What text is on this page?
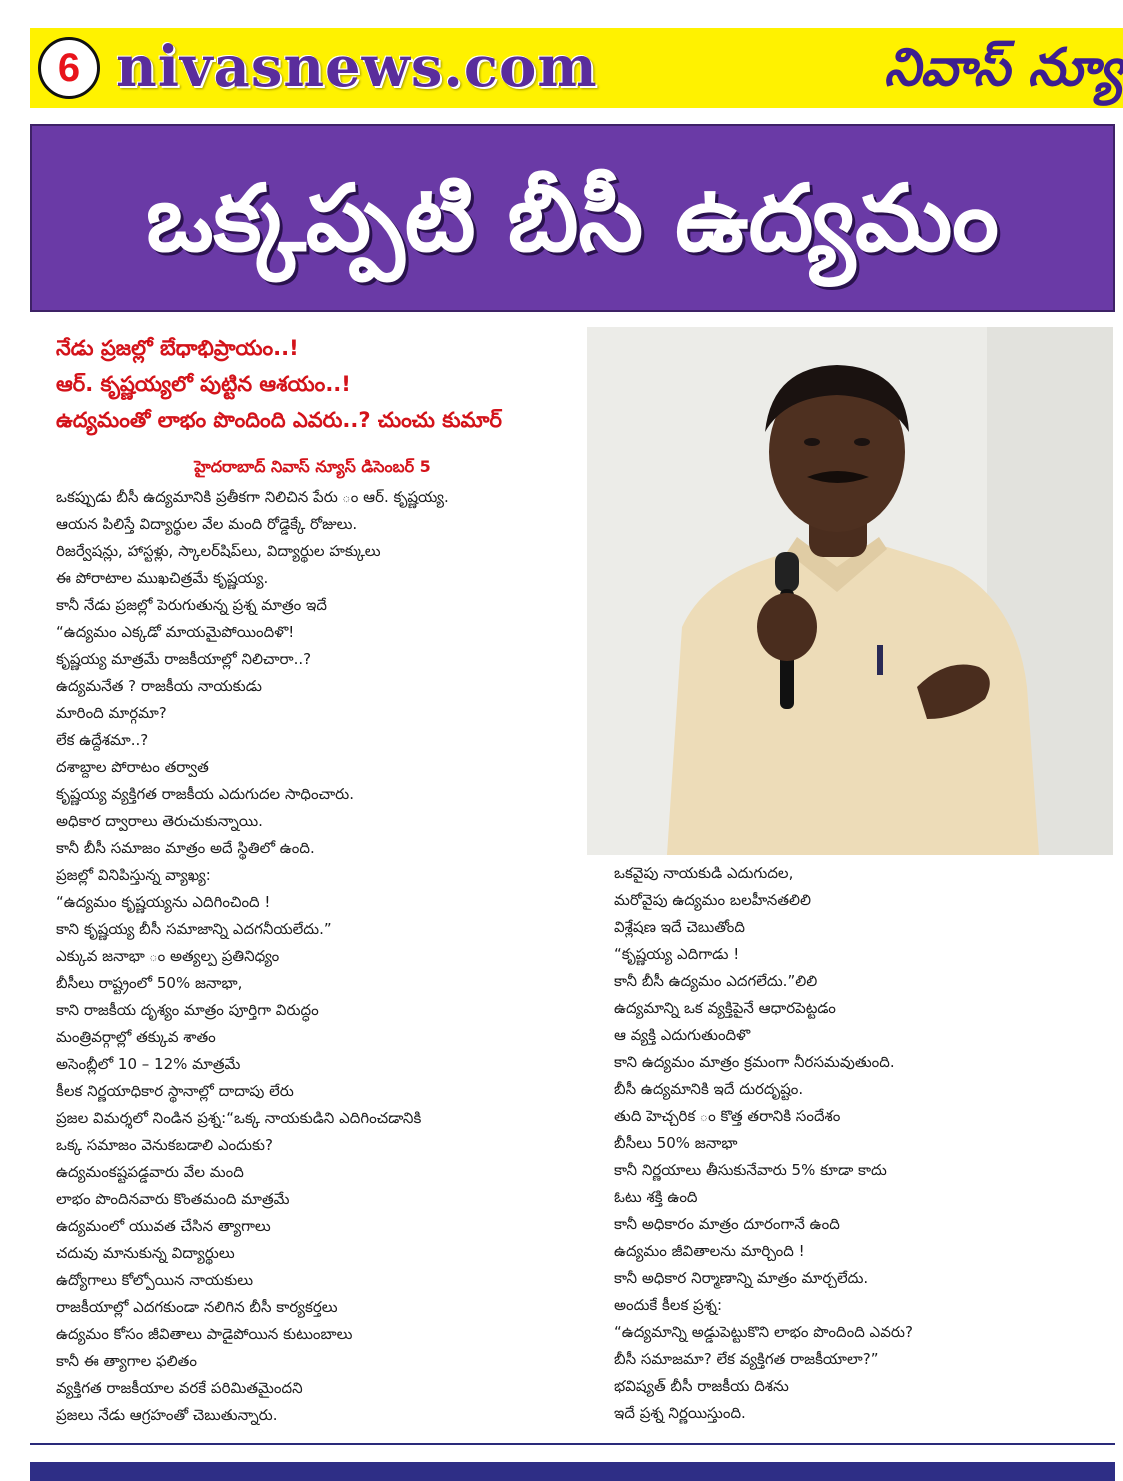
6 nivasnews.com	నివాస్ న్యూ
ఒక్కప్పటి బీసీ ఉద్యమం

నేడు ప్రజల్లో బేధాభిప్రాయం..!

ఆర్. కృష్ణయ్యలో పుట్టిన ఆశయం..!

ఉద్యమంతో లాభం పొందింది ఎవరు..? చుంచు కుమార్

హైదరాబాద్ నివాస్ న్యూస్ డిసెంబర్ 5

ఒకప్పుడు బీసీ ఉద్యమానికి ప్రతీకగా నిలిచిన పేరు ం ఆర్. కృష్ణయ్య.
ఆయన పిలిస్తే విద్యార్థుల వేల మంది రోడ్డెక్కే రోజులు.
రిజర్వేషన్లు, హాస్టళ్లు, స్కాలర్‌షిప్‌లు, విద్యార్థుల హక్కులు
ఈ పోరాటాల ముఖచిత్రమే కృష్ణయ్య.
కానీ నేడు ప్రజల్లో పెరుగుతున్న ప్రశ్న మాత్రం ఇదే
“ఉద్యమం ఎక్కడో మాయమైపోయిందిళొ!
కృష్ణయ్య మాత్రమే రాజకీయాల్లో నిలిచారా..?
ఉద్యమనేత ? రాజకీయ నాయకుడు
మారింది మార్గమా?
లేక ఉద్దేశమా..?
దశాబ్దాల పోరాటం తర్వాత
కృష్ణయ్య వ్యక్తిగత రాజకీయ ఎదుగుదల సాధించారు.
అధికార ద్వారాలు తెరుచుకున్నాయి.
కానీ బీసీ సమాజం మాత్రం అదే స్థితిలో ఉంది.
ప్రజల్లో వినిపిస్తున్న వ్యాఖ్య:
“ఉద్యమం కృష్ణయ్యను ఎదిగించింది !
కాని కృష్ణయ్య బీసీ సమాజాన్ని ఎదగనీయలేదు.”
ఎక్కువ జనాభా ం అత్యల్ప ప్రతినిధ్యం
బీసీలు రాష్ట్రంలో 50% జనాభా,
కాని రాజకీయ దృశ్యం మాత్రం పూర్తిగా విరుద్ధం
మంత్రివర్గాల్లో తక్కువ శాతం
అసెంబ్లీలో 10 – 12% మాత్రమే
కీలక నిర్ణయాధికార స్థానాల్లో దాదాపు లేరు
ప్రజల విమర్శలో నిండిన ప్రశ్న:“ఒక్క నాయకుడిని ఎదిగించడానికి
ఒక్క సమాజం వెనుకబడాలి ఎందుకు?
ఉద్యమంకష్టపడ్డవారు వేల మంది
లాభం పొందినవారు కొంతమంది మాత్రమే
ఉద్యమంలో యువత చేసిన త్యాగాలు
చదువు మానుకున్న విద్యార్థులు
ఉద్యోగాలు కోల్పోయిన నాయకులు
రాజకీయాల్లో ఎదగకుండా నలిగిన బీసీ కార్యకర్తలు
ఉద్యమం కోసం జీవితాలు పాడైపోయిన కుటుంబాలు
కానీ ఈ త్యాగాల ఫలితం
వ్యక్తిగత రాజకీయాల వరకే పరిమితమైందని
ప్రజలు నేడు ఆగ్రహంతో చెబుతున్నారు.
ఒకవైపు నాయకుడి ఎదుగుదల,
మరోవైపు ఉద్యమం బలహీనతలిలి
విశ్లేషణ ఇదే చెబుతోంది
“కృష్ణయ్య ఎదిగాడు !
కానీ బీసీ ఉద్యమం ఎదగలేదు.”లిలి
ఉద్యమాన్ని ఒక వ్యక్తిపైనే ఆధారపెట్టడం
ఆ వ్యక్తి ఎదుగుతుందిళొ
కాని ఉద్యమం మాత్రం క్రమంగా నీరసమవుతుంది.
బీసీ ఉద్యమానికి ఇదే దురదృష్టం.
తుది హెచ్చరిక ం కొత్త తరానికి సందేశం
బీసీలు 50% జనాభా
కానీ నిర్ణయాలు తీసుకునేవారు 5% కూడా కాదు
ఓటు శక్తి ఉంది
కానీ అధికారం మాత్రం దూరంగానే ఉంది
ఉద్యమం జీవితాలను మార్చింది !
కానీ అధికార నిర్మాణాన్ని మాత్రం మార్చలేదు.
అందుకే కీలక ప్రశ్న:
“ఉద్యమాన్ని అడ్డుపెట్టుకొని లాభం పొందింది ఎవరు?
బీసీ సమాజమా? లేక వ్యక్తిగత రాజకీయాలా?”
భవిష్యత్ బీసీ రాజకీయ దిశను
ఇదే ప్రశ్న నిర్ణయిస్తుంది.
